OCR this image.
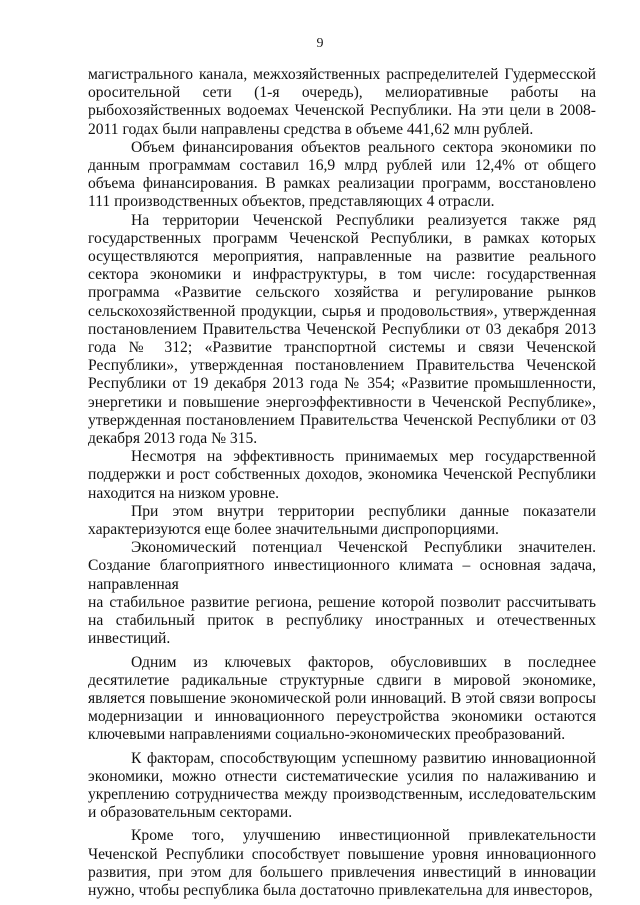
9

магистрального канала, межхозяйственных распределителей Гудермесской оросительной сети (1-я очередь), мелиоративные работы на рыбохозяйственных водоемах Чеченской Республики. На эти цели в 2008-2011 годах были направлены средства в объеме 441,62 млн рублей.

Объем финансирования объектов реального сектора экономики по данным программам составил 16,9 млрд рублей или 12,4% от общего объема финансирования. В рамках реализации программ, восстановлено 111 производственных объектов, представляющих 4 отрасли.

На территории Чеченской Республики реализуется также ряд государственных программ Чеченской Республики, в рамках которых осуществляются мероприятия, направленные на развитие реального сектора экономики и инфраструктуры, в том числе: государственная программа «Развитие сельского хозяйства и регулирование рынков сельскохозяйственной продукции, сырья и продовольствия», утвержденная постановлением Правительства Чеченской Республики от 03 декабря 2013 года № 312; «Развитие транспортной системы и связи Чеченской Республики», утвержденная постановлением Правительства Чеченской Республики от 19 декабря 2013 года № 354; «Развитие промышленности, энергетики и повышение энергоэффективности в Чеченской Республике», утвержденная постановлением Правительства Чеченской Республики от 03 декабря 2013 года № 315.

Несмотря на эффективность принимаемых мер государственной поддержки и рост собственных доходов, экономика Чеченской Республики находится на низком уровне.

При этом внутри территории республики данные показатели характеризуются еще более значительными диспропорциями.

Экономический потенциал Чеченской Республики значителен. Создание благоприятного инвестиционного климата – основная задача, направленная

на стабильное развитие региона, решение которой позволит рассчитывать на стабильный приток в республику иностранных и отечественных инвестиций.

Одним из ключевых факторов, обусловивших в последнее десятилетие радикальные структурные сдвиги в мировой экономике, является повышение экономической роли инноваций. В этой связи вопросы модернизации и инновационного переустройства экономики остаются ключевыми направлениями социально-экономических преобразований.

К факторам, способствующим успешному развитию инновационной экономики, можно отнести систематические усилия по налаживанию и укреплению сотрудничества между производственным, исследовательским и образовательным секторами.

Кроме того, улучшению инвестиционной привлекательности Чеченской Республики способствует повышение уровня инновационного развития, при этом для большего привлечения инвестиций в инновации нужно, чтобы республика была достаточно привлекательна для инвесторов,
